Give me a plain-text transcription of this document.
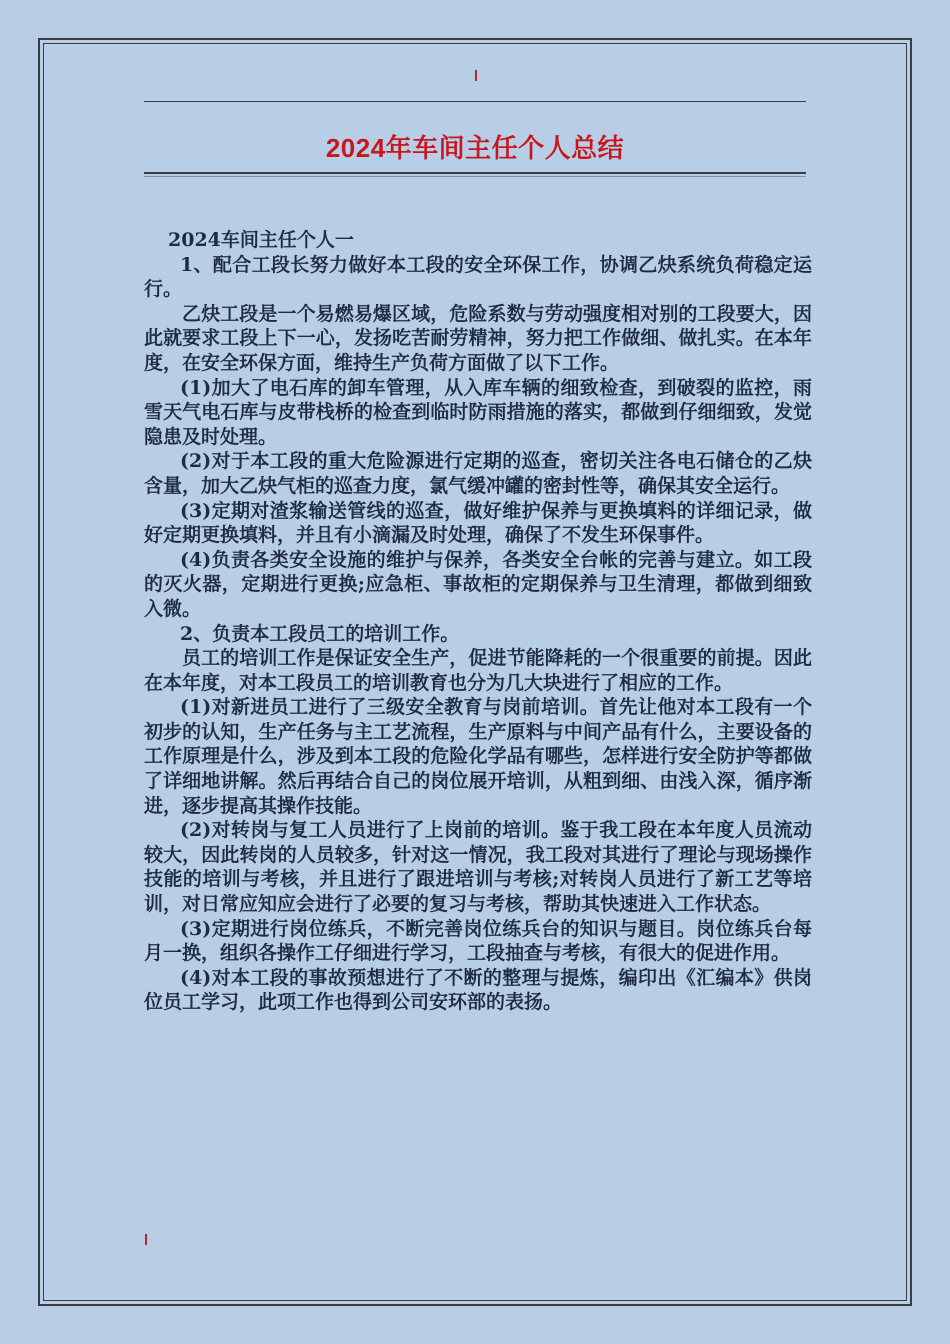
2024年车间主任个人总结

2024车间主任个人一

1、配合工段长努力做好本工段的安全环保工作，协调乙炔系统负荷稳定运行。

乙炔工段是一个易燃易爆区域，危险系数与劳动强度相对别的工段要大，因此就要求工段上下一心，发扬吃苦耐劳精神，努力把工作做细、做扎实。在本年度，在安全环保方面，维持生产负荷方面做了以下工作。

(1)加大了电石库的卸车管理，从入库车辆的细致检查，到破裂的监控，雨雪天气电石库与皮带栈桥的检查到临时防雨措施的落实，都做到仔细细致，发觉隐患及时处理。

(2)对于本工段的重大危险源进行定期的巡查，密切关注各电石储仓的乙炔含量，加大乙炔气柜的巡查力度，氯气缓冲罐的密封性等，确保其安全运行。

(3)定期对渣浆输送管线的巡查，做好维护保养与更换填料的详细记录，做好定期更换填料，并且有小滴漏及时处理，确保了不发生环保事件。

(4)负责各类安全设施的维护与保养，各类安全台帐的完善与建立。如工段的灭火器，定期进行更换;应急柜、事故柜的定期保养与卫生清理，都做到细致入微。

2、负责本工段员工的培训工作。

员工的培训工作是保证安全生产，促进节能降耗的一个很重要的前提。因此在本年度，对本工段员工的培训教育也分为几大块进行了相应的工作。

(1)对新进员工进行了三级安全教育与岗前培训。首先让他对本工段有一个初步的认知，生产任务与主工艺流程，生产原料与中间产品有什么，主要设备的工作原理是什么，涉及到本工段的危险化学品有哪些，怎样进行安全防护等都做了详细地讲解。然后再结合自己的岗位展开培训，从粗到细、由浅入深，循序渐进，逐步提高其操作技能。

(2)对转岗与复工人员进行了上岗前的培训。鉴于我工段在本年度人员流动较大，因此转岗的人员较多，针对这一情况，我工段对其进行了理论与现场操作技能的培训与考核，并且进行了跟进培训与考核;对转岗人员进行了新工艺等培训，对日常应知应会进行了必要的复习与考核，帮助其快速进入工作状态。

(3)定期进行岗位练兵，不断完善岗位练兵台的知识与题目。岗位练兵台每月一换，组织各操作工仔细进行学习，工段抽查与考核，有很大的促进作用。

(4)对本工段的事故预想进行了不断的整理与提炼，编印出《汇编本》供岗位员工学习，此项工作也得到公司安环部的表扬。
